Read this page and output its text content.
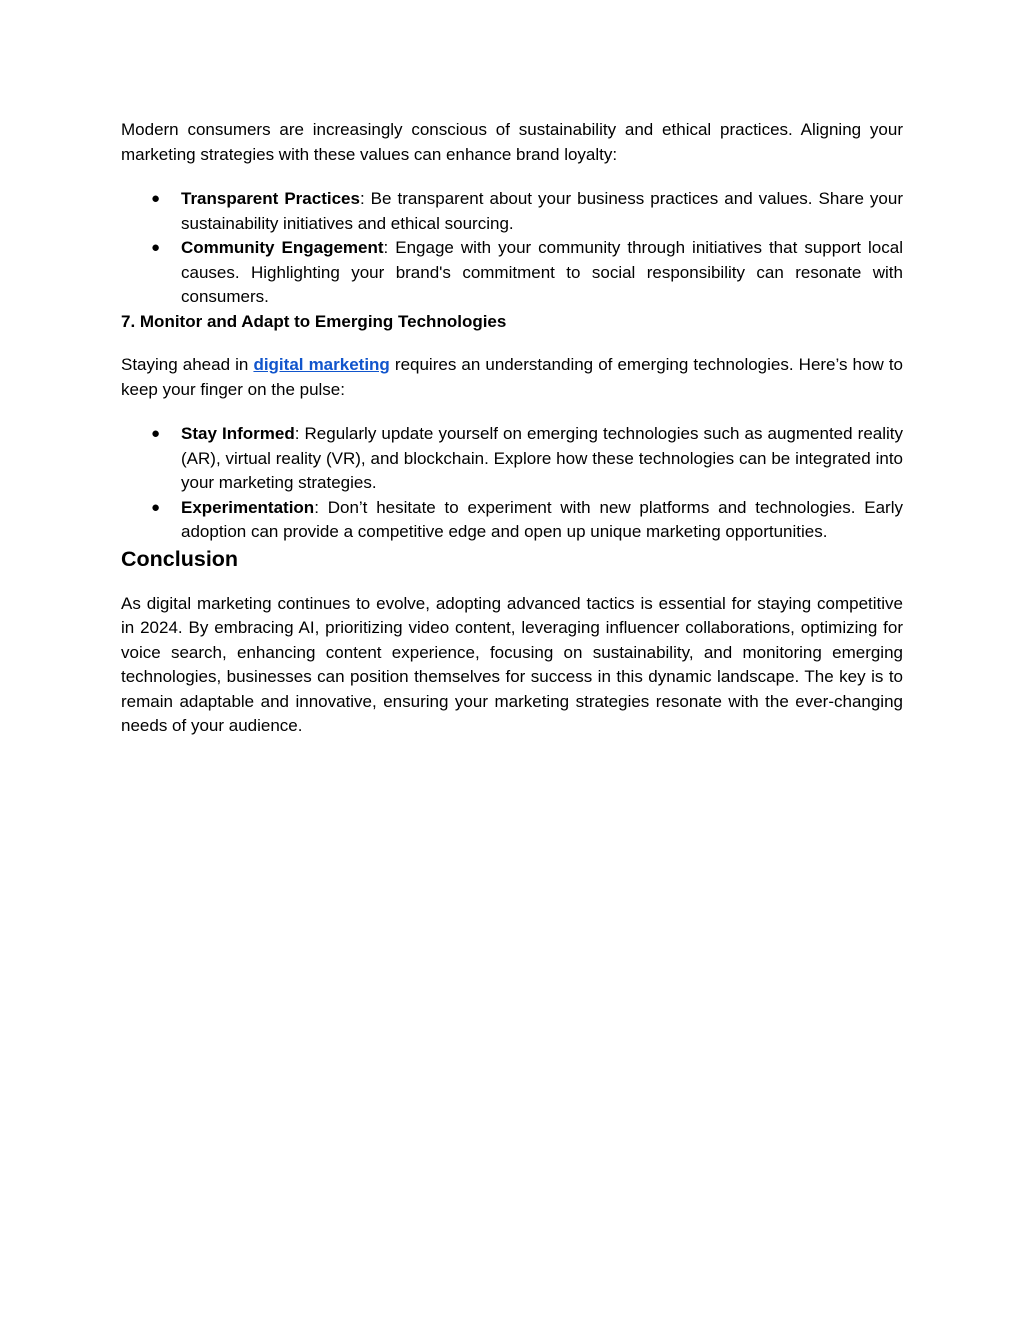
Modern consumers are increasingly conscious of sustainability and ethical practices. Aligning your marketing strategies with these values can enhance brand loyalty:

● Transparent Practices: Be transparent about your business practices and values. Share your sustainability initiatives and ethical sourcing.
● Community Engagement: Engage with your community through initiatives that support local causes. Highlighting your brand's commitment to social responsibility can resonate with consumers.
7. Monitor and Adapt to Emerging Technologies

Staying ahead in digital marketing requires an understanding of emerging technologies. Here’s how to keep your finger on the pulse:

● Stay Informed: Regularly update yourself on emerging technologies such as augmented reality (AR), virtual reality (VR), and blockchain. Explore how these technologies can be integrated into your marketing strategies.
● Experimentation: Don’t hesitate to experiment with new platforms and technologies. Early adoption can provide a competitive edge and open up unique marketing opportunities.
Conclusion

As digital marketing continues to evolve, adopting advanced tactics is essential for staying competitive in 2024. By embracing AI, prioritizing video content, leveraging influencer collaborations, optimizing for voice search, enhancing content experience, focusing on sustainability, and monitoring emerging technologies, businesses can position themselves for success in this dynamic landscape. The key is to remain adaptable and innovative, ensuring your marketing strategies resonate with the ever-changing needs of your audience.
